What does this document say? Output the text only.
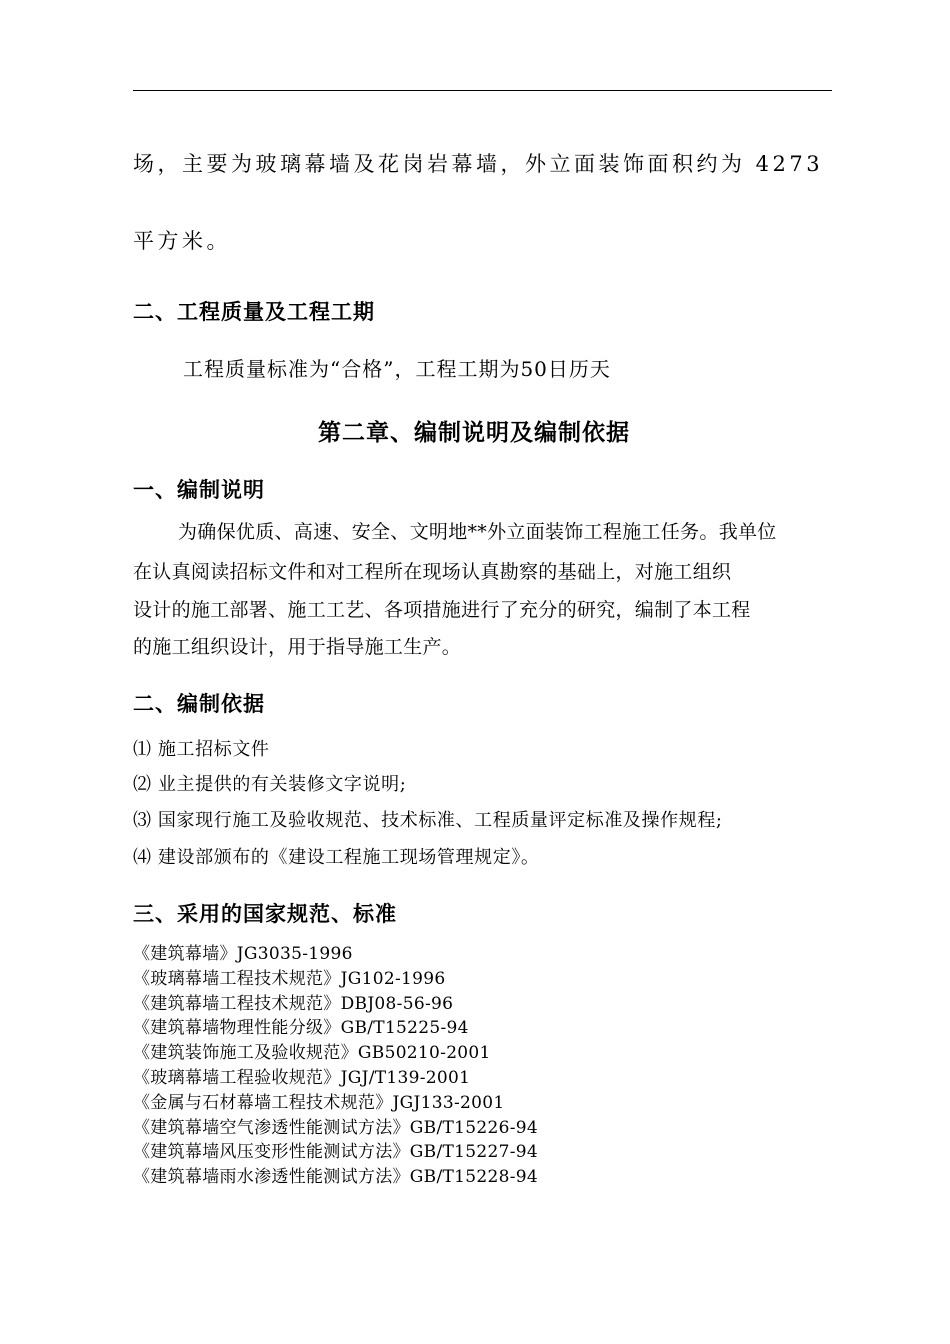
场，主要为玻璃幕墙及花岗岩幕墙，外立面装饰面积约为 4273
平方米。
二、工程质量及工程工期
工程质量标准为“合格”，工程工期为50日历天
第二章、编制说明及编制依据
一、编制说明
为确保优质、高速、安全、文明地**外立面装饰工程施工任务。我单位
在认真阅读招标文件和对工程所在现场认真勘察的基础上，对施工组织
设计的施工部署、施工工艺、各项措施进行了充分的研究，编制了本工程
的施工组织设计，用于指导施工生产。
二、编制依据
⑴ 施工招标文件
⑵ 业主提供的有关装修文字说明;
⑶ 国家现行施工及验收规范、技术标准、工程质量评定标准及操作规程;
⑷ 建设部颁布的《建设工程施工现场管理规定》。
三、采用的国家规范、标准
《建筑幕墙》JG3035-1996
《玻璃幕墙工程技术规范》JG102-1996
《建筑幕墙工程技术规范》DBJ08-56-96
《建筑幕墙物理性能分级》GB/T15225-94
《建筑装饰施工及验收规范》GB50210-2001
《玻璃幕墙工程验收规范》JGJ/T139-2001
《金属与石材幕墙工程技术规范》JGJ133-2001
《建筑幕墙空气渗透性能测试方法》GB/T15226-94
《建筑幕墙风压变形性能测试方法》GB/T15227-94
《建筑幕墙雨水渗透性能测试方法》GB/T15228-94
